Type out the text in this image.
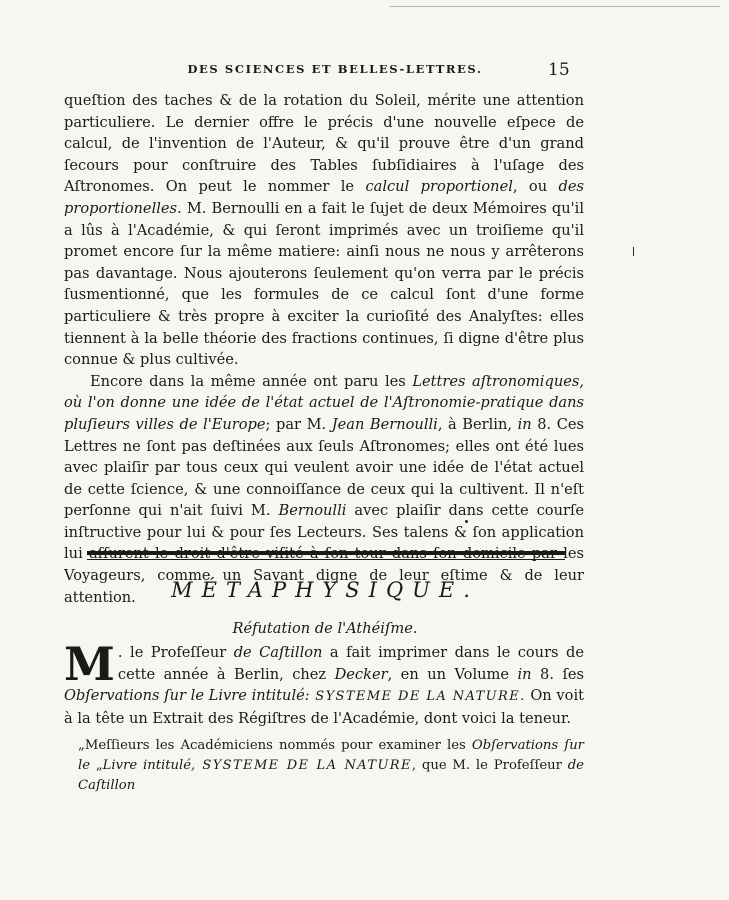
DES SCIENCES ET BELLES-LETTRES.	15

queſtion des taches & de la rotation du Soleil, mérite une attention particuliere. Le dernier offre le précis d'une nouvelle eſpece de calcul, de l'invention de l'Auteur, & qu'il prouve être d'un grand ſecours pour conſtruire des Tables ſubſidiaires à l'uſage des Aſtronomes. On peut le nommer le calcul proportionel, ou des proportionelles. M. Bernoulli en a fait le ſujet de deux Mémoires qu'il a lûs à l'Académie, & qui ſeront imprimés avec un troiſieme qu'il promet encore ſur la même matiere: ainſi nous ne nous y arrêterons pas davantage. Nous ajouterons ſeulement qu'on verra par le précis ſusmentionné, que les formules de ce calcul ſont d'une forme particuliere & très propre à exciter la curioſité des Analyſtes: elles tiennent à la belle théorie des fractions continues, ſi digne d'être plus connue & plus cultivée.

Encore dans la même année ont paru les Lettres aſtronomiques, où l'on donne une idée de l'état actuel de l'Aſtronomie-pratique dans pluſieurs villes de l'Europe; par M. Jean Bernoulli, à Berlin, in 8. Ces Lettres ne ſont pas deſtinées aux ſeuls Aſtronomes; elles ont été lues avec plaiſir par tous ceux qui veulent avoir une idée de l'état actuel de cette ſcience, & une connoiſſance de ceux qui la cultivent. Il n'eſt perſonne qui n'ait ſuivi M. Bernoulli avec plaiſir dans cette courſe inſtructive pour lui & pour ſes Lecteurs. Ses talens & ſon application lui aſſurent le droit d'être viſité à ſon tour dans ſon domicile par les Voyageurs, comme un Savant digne de leur eſtime & de leur attention.	MÉTAPHYSIQUE.
Réfutation de l'Athéiſme.

M . le Profeſſeur de Caſtillon a fait imprimer dans le cours de cette année à Berlin, chez Decker, en un Volume in 8. ſes Obſervations ſur le Livre intitulé: SYSTEME DE LA NATURE. On voit à la tête un Extrait des Régiſtres de l'Académie, dont voici la teneur.

„Meſſieurs les Académiciens nommés pour examiner les Obſervations ſur le „Livre intitulé, SYSTEME DE LA NATURE, que M. le Profeſſeur de Caſtillon
